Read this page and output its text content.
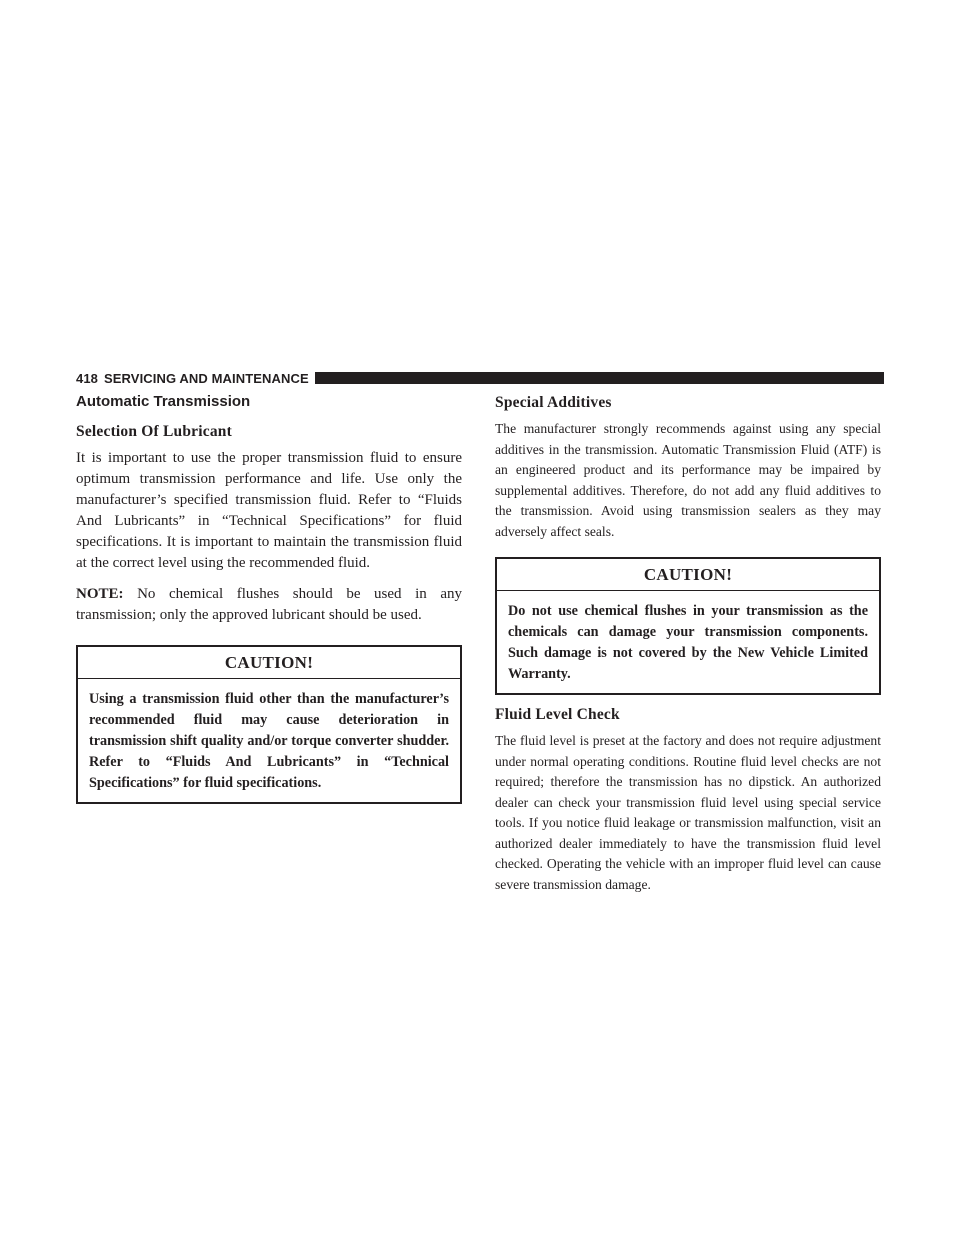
418 SERVICING AND MAINTENANCE
Automatic Transmission
Selection Of Lubricant

It is important to use the proper transmission fluid to ensure optimum transmission performance and life. Use only the manufacturer’s specified transmission fluid. Refer to “Fluids And Lubricants” in “Technical Specifications” for fluid specifications. It is important to maintain the transmission fluid at the correct level using the recommended fluid.

NOTE: No chemical flushes should be used in any transmission; only the approved lubricant should be used.

CAUTION!
Using a transmission fluid other than the manufacturer’s recommended fluid may cause deterioration in transmission shift quality and/or torque converter shudder. Refer to “Fluids And Lubricants” in “Technical Specifications” for fluid specifications.
Special Additives

The manufacturer strongly recommends against using any special additives in the transmission. Automatic Transmission Fluid (ATF) is an engineered product and its performance may be impaired by supplemental additives. Therefore, do not add any fluid additives to the transmission. Avoid using transmission sealers as they may adversely affect seals.

CAUTION!
Do not use chemical flushes in your transmission as the chemicals can damage your transmission components. Such damage is not covered by the New Vehicle Limited Warranty.
Fluid Level Check

The fluid level is preset at the factory and does not require adjustment under normal operating conditions. Routine fluid level checks are not required; therefore the transmission has no dipstick. An authorized dealer can check your transmission fluid level using special service tools. If you notice fluid leakage or transmission malfunction, visit an authorized dealer immediately to have the transmission fluid level checked. Operating the vehicle with an improper fluid level can cause severe transmission damage.
